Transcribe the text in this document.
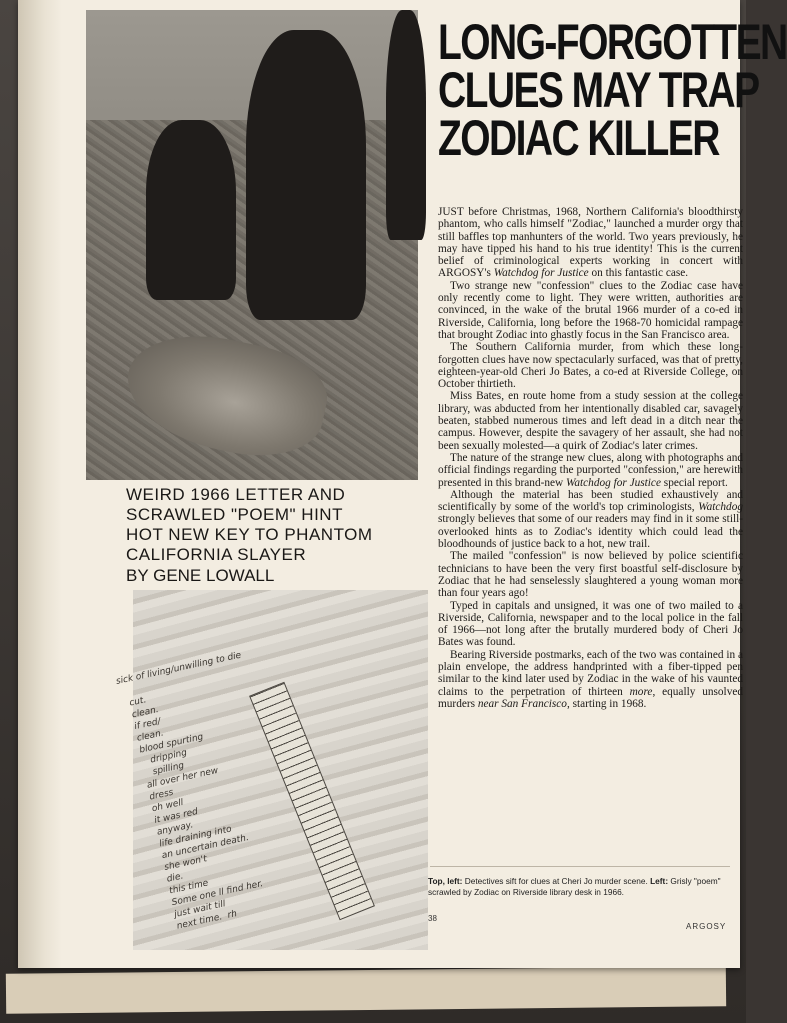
sick of living/unwilling to die

cut.
clean.
if red/
clean.
blood spurting
dripping
spilling
all over her new
dress
oh well
it was red
anyway.
life draining into
an uncertain death.
she won't
die.
this time
Some one ll find her.
just wait till
next time.  rh
LONG-FORGOTTEN
CLUES MAY TRAP
ZODIAC KILLER
WEIRD 1966 LETTER AND
SCRAWLED "POEM" HINT
HOT NEW KEY TO PHANTOM
CALIFORNIA SLAYER
BY GENE LOWALL

JUST before Christmas, 1968, Northern California's bloodthirsty phantom, who calls himself "Zodiac," launched a murder orgy that still baffles top manhunters of the world. Two years previously, he may have tipped his hand to his true identity! This is the current belief of criminological experts working in concert with ARGOSY's Watchdog for Justice on this fantastic case.

Two strange new "confession" clues to the Zodiac case have only recently come to light. They were written, authorities are convinced, in the wake of the brutal 1966 murder of a co-ed in Riverside, California, long before the 1968-70 homicidal rampage that brought Zodiac into ghastly focus in the San Francisco area.

The Southern California murder, from which these long-forgotten clues have now spectacularly surfaced, was that of pretty, eighteen-year-old Cheri Jo Bates, a co-ed at Riverside College, on October thirtieth.

Miss Bates, en route home from a study session at the college library, was abducted from her intentionally disabled car, savagely beaten, stabbed numerous times and left dead in a ditch near the campus. However, despite the savagery of her assault, she had not been sexually molested—a quirk of Zodiac's later crimes.

The nature of the strange new clues, along with photographs and official findings regarding the purported "confession," are herewith presented in this brand-new Watchdog for Justice special report.

Although the material has been studied exhaustively and scientifically by some of the world's top criminologists, Watchdog strongly believes that some of our readers may find in it some still-overlooked hints as to Zodiac's identity which could lead the bloodhounds of justice back to a hot, new trail.

The mailed "confession" is now believed by police scientific technicians to have been the very first boastful self-disclosure by Zodiac that he had senselessly slaughtered a young woman more than four years ago!

Typed in capitals and unsigned, it was one of two mailed to a Riverside, California, newspaper and to the local police in the fall of 1966—not long after the brutally murdered body of Cheri Jo Bates was found.

Bearing Riverside postmarks, each of the two was contained in a plain envelope, the address handprinted with a fiber-tipped pen similar to the kind later used by Zodiac in the wake of his vaunted claims to the perpetration of thirteen more, equally unsolved murders near San Francisco, starting in 1968.

Top, left: Detectives sift for clues at Cheri Jo murder scene. Left: Grisly "poem" scrawled by Zodiac on Riverside library desk in 1966.
38
ARGOSY
